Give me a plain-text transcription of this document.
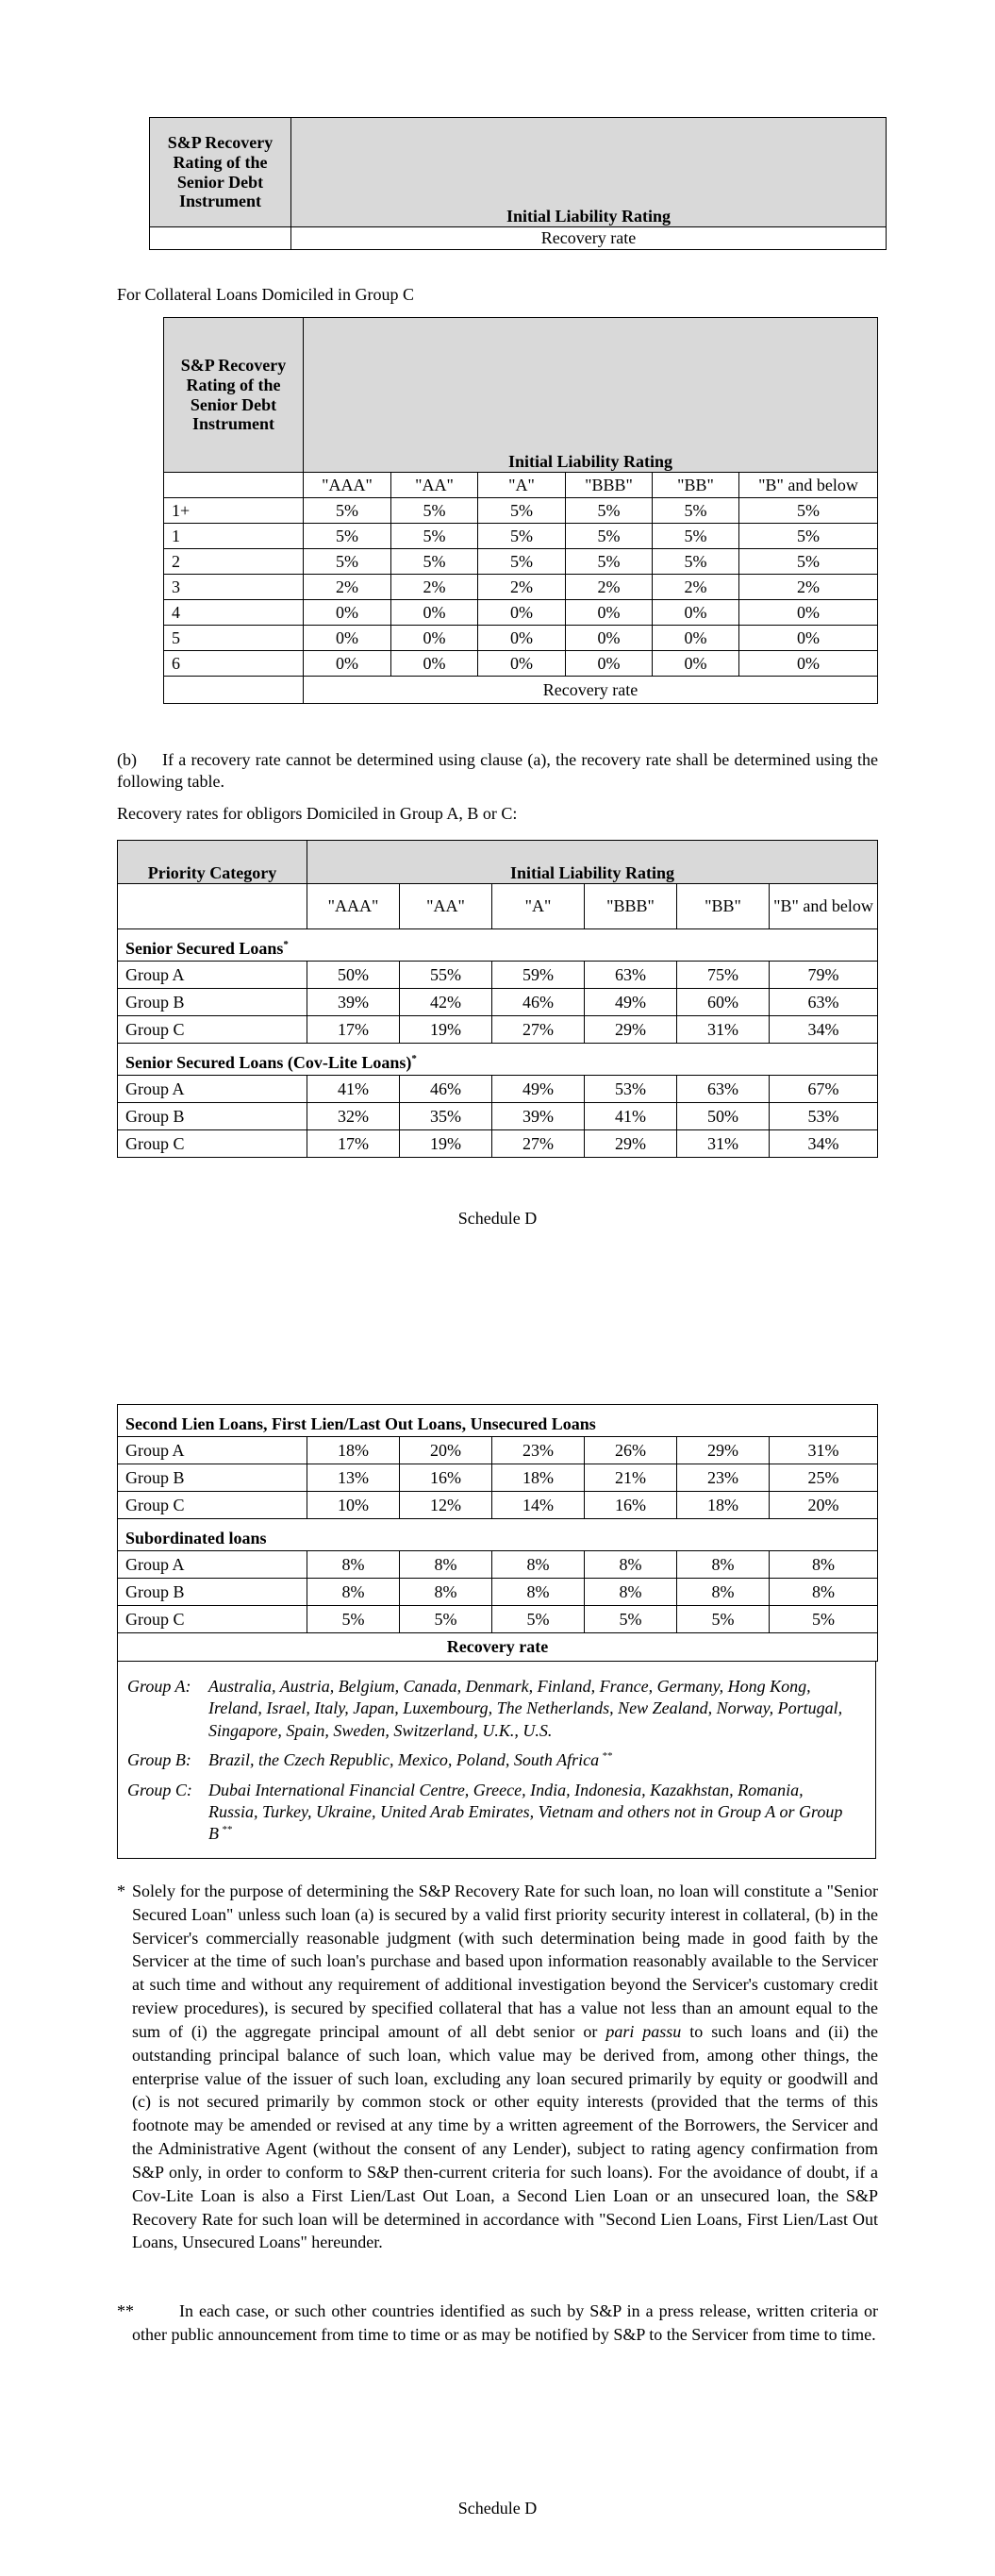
S&P Recovery Rating of the Senior Debt Instrument	Initial Liability Rating
	Recovery rate
For Collateral Loans Domiciled in Group C
S&P Recovery Rating of the Senior Debt Instrument	Initial Liability Rating					
	"AAA"	"AA"	"A"	"BBB"	"BB"	"B" and below
1+	5%	5%	5%	5%	5%	5%
1	5%	5%	5%	5%	5%	5%
2	5%	5%	5%	5%	5%	5%
3	2%	2%	2%	2%	2%	2%
4	0%	0%	0%	0%	0%	0%
5	0%	0%	0%	0%	0%	0%
6	0%	0%	0%	0%	0%	0%
	Recovery rate					
(b) If a recovery rate cannot be determined using clause (a), the recovery rate shall be determined using the following table.
Recovery rates for obligors Domiciled in Group A, B or C:
Priority Category	Initial Liability Rating					
	"AAA"	"AA"	"A"	"BBB"	"BB"	"B" and below
Senior Secured Loans*
Group A	50%	55%	59%	63%	75%	79%
Group B	39%	42%	46%	49%	60%	63%
Group C	17%	19%	27%	29%	31%	34%
Senior Secured Loans (Cov-Lite Loans)*
Group A	41%	46%	49%	53%	63%	67%
Group B	32%	35%	39%	41%	50%	53%
Group C	17%	19%	27%	29%	31%	34%
Schedule D
Second Lien Loans, First Lien/Last Out Loans, Unsecured Loans						
Group A	18%	20%	23%	26%	29%	31%
Group B	13%	16%	18%	21%	23%	25%
Group C	10%	12%	14%	16%	18%	20%
Subordinated loans						
Group A	8%	8%	8%	8%	8%	8%
Group B	8%	8%	8%	8%	8%	8%
Group C	5%	5%	5%	5%	5%	5%
Recovery rate						
Group A:	Australia, Austria, Belgium, Canada, Denmark, Finland, France, Germany, Hong Kong, Ireland, Israel, Italy, Japan, Luxembourg, The Netherlands, New Zealand, Norway, Portugal, Singapore, Spain, Sweden, Switzerland, U.K., U.S.
Group B:	Brazil, the Czech Republic, Mexico, Poland, South Africa **
Group C: Dubai International Financial Centre, Greece, India, Indonesia, Kazakhstan, Romania, Russia, Turkey, Ukraine, United Arab Emirates, Vietnam and others not in Group A or Group B **
* Solely for the purpose of determining the S&P Recovery Rate for such loan, no loan will constitute a "Senior Secured Loan" unless such loan (a) is secured by a valid first priority security interest in collateral, (b) in the Servicer's commercially reasonable judgment (with such determination being made in good faith by the Servicer at the time of such loan's purchase and based upon information reasonably available to the Servicer at such time and without any requirement of additional investigation beyond the Servicer's customary credit review procedures), is secured by specified collateral that has a value not less than an amount equal to the sum of (i) the aggregate principal amount of all debt senior or pari passu to such loans and (ii) the outstanding principal balance of such loan, which value may be derived from, among other things, the enterprise value of the issuer of such loan, excluding any loan secured primarily by equity or goodwill and (c) is not secured primarily by common stock or other equity interests (provided that the terms of this footnote may be amended or revised at any time by a written agreement of the Borrowers, the Servicer and the Administrative Agent (without the consent of any Lender), subject to rating agency confirmation from S&P only, in order to conform to S&P then-current criteria for such loans). For the avoidance of doubt, if a Cov-Lite Loan is also a First Lien/Last Out Loan, a Second Lien Loan or an unsecured loan, the S&P Recovery Rate for such loan will be determined in accordance with "Second Lien Loans, First Lien/Last Out Loans, Unsecured Loans" hereunder.
**	In each case, or such other countries identified as such by S&P in a press release, written criteria or other public announcement from time to time or as may be notified by S&P to the Servicer from time to time.
Schedule D
